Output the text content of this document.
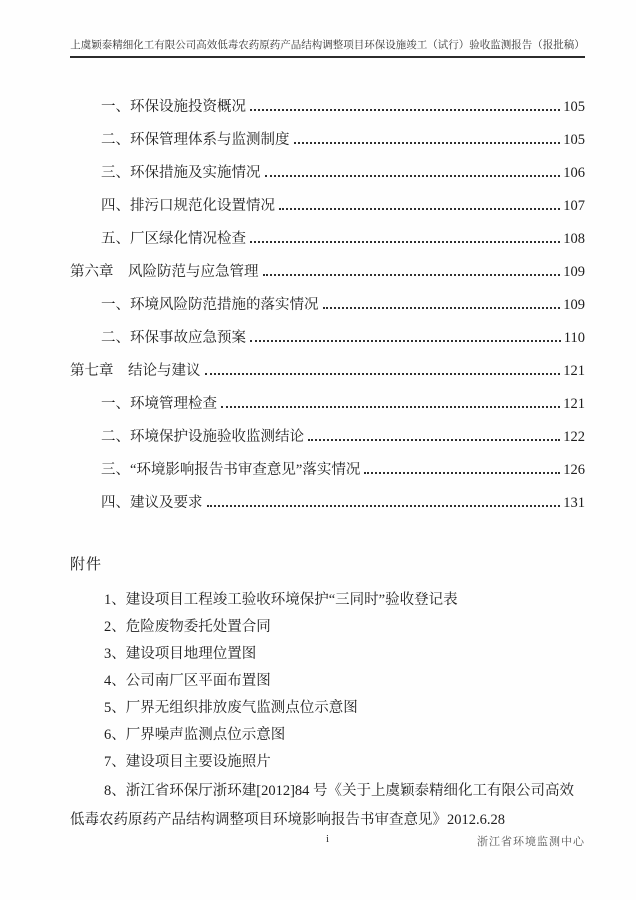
上虞颖泰精细化工有限公司高效低毒农药原药产品结构调整项目环保设施竣工（试行）验收监测报告（报批稿）
一、环保设施投资概况	105
二、环保管理体系与监测制度	105
三、环保措施及实施情况	106
四、排污口规范化设置情况	107
五、厂区绿化情况检查	108
第六章　风险防范与应急管理	109
一、环境风险防范措施的落实情况	109
二、环保事故应急预案	110
第七章　结论与建议	121
一、环境管理检查	121
二、环境保护设施验收监测结论	122
三、“环境影响报告书审查意见”落实情况	126
四、建议及要求	131
附件
1、建设项目工程竣工验收环境保护“三同时”验收登记表
2、危险废物委托处置合同
3、建设项目地理位置图
4、公司南厂区平面布置图
5、厂界无组织排放废气监测点位示意图
6、厂界噪声监测点位示意图
7、建设项目主要设施照片

8、浙江省环保厅浙环建[2012]84 号《关于上虞颖泰精细化工有限公司高效低毒农药原药产品结构调整项目环境影响报告书审查意见》2012.6.28

i	浙江省环境监测中心
